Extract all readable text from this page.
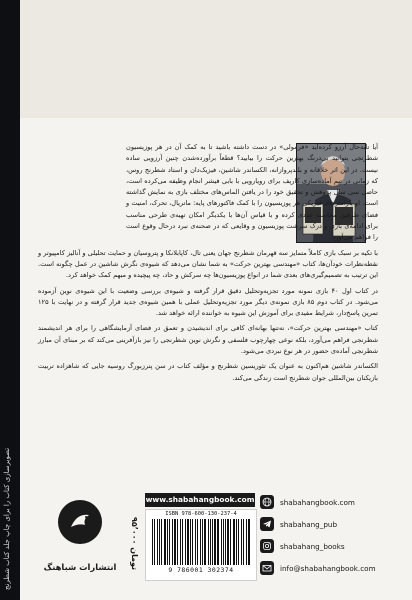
تصویرسازی کتاب را برای چاپ جلد کتاب شطرنج

آیا تابه‌حال آرزو کرده‌اید «فرمولی» در دست داشته باشید تا به کمک آن در هر پوزیسیون شطرنجی بتوانید بی‌درنگ بهترین حرکت را بیابید؟ قطعاً برآورده‌شدن چنین آرزویی ساده نیست. در این اثر خلاقانه و بلندپروازانه، الکساندر شاشین، فیزیک‌دان و استاد شطرنج روس، که زمانی در تیم آماده‌سازی کارپف برای رویارویی با بابی فیشر انجام وظیفه می‌کرده است، حاصل سی سال پژوهش و تحقیق خود را در یافتن الماس‌های مختلف بازی به نمایش گذاشته است. او پارامترهای فیزیکی هر پوزیسیون را با کمک فاکتورهای پایه: ماتریال، تحرک، امنیت و فضای طرفین محاسبه عددی کرده و با قیاس آن‌ها با یکدیگر امکان تهیه‌ی طرحی مناسب برای ادامه‌ی بازی و درک سرشت پوزیسیون و وقایعی که در صحنه‌ی نبرد درحال وقوع است را فراهم می‌آورد.

با تکیه بر سبک بازی کاملاً متمایز سه قهرمان شطرنج جهان یعنی تال، کاپابلانکا و پتروسیان و حمایت تحلیلی و آنالیز کامپیوتر و نقطه‌نظرات خودآن‌ها، کتاب «مهندسی بهترین حرکت» به شما نشان می‌دهد که شیوه‌ی نگرش شاشین در عمل چگونه است. این ترتیب به تصمیم‌گیری‌های بعدی شما در انواع پوزیسیون‌ها چه سرکش و حاد، چه پیچیده و مبهم کمک خواهد کرد.

در کتاب اول ۴۰ بازی نمونه مورد تجزیه‌وتحلیل دقیق قرار گرفته و شیوه‌ی بررسی وضعیت با این شیوه‌ی نوین آزموده می‌شود. در کتاب دوم ۸۵ بازی نمونه‌ی دیگر مورد تجزیه‌وتحلیل عملی با همین شیوه‌ی جدید قرار گرفته و در نهایت با ۱۲۵ تمرین پاسخ‌دار، شرایط مفیدی برای آموزش این شیوه به خواننده ارائه خواهد شد.

کتاب «مهندسی بهترین حرکت»، نه‌تنها بهانه‌ای کافی برای اندیشیدن و تعمق در فضای آزمایشگاهی را برای هر اندیشمند شطرنجی فراهم می‌آورد، بلکه نوعی چهارچوب فلسفی و نگرش نوین شطرنجی را نیز بازآفرینی می‌کند که بر مبنای آن مبارز شطرنجی آماده‌ی حضور در هر نوع نبردی می‌شود.

الکساندر شاشین هم‌اکنون به عنوان یک تئوریسین شطرنج و مؤلف کتاب در سن پترزبورگ روسیه جایی که شاهزاده تربیت بازیکنان بین‌المللی جوان شطرنج است زندگی می‌کند.

انتشارات شباهنگ
۹۵٬۰۰۰ تومان
www.shabahangbook.com
ISBN 978-600-130-237-4
9 786001 302374
shabahangbook.com
shabahang_pub
shabahang_books
info@shabahangbook.com
